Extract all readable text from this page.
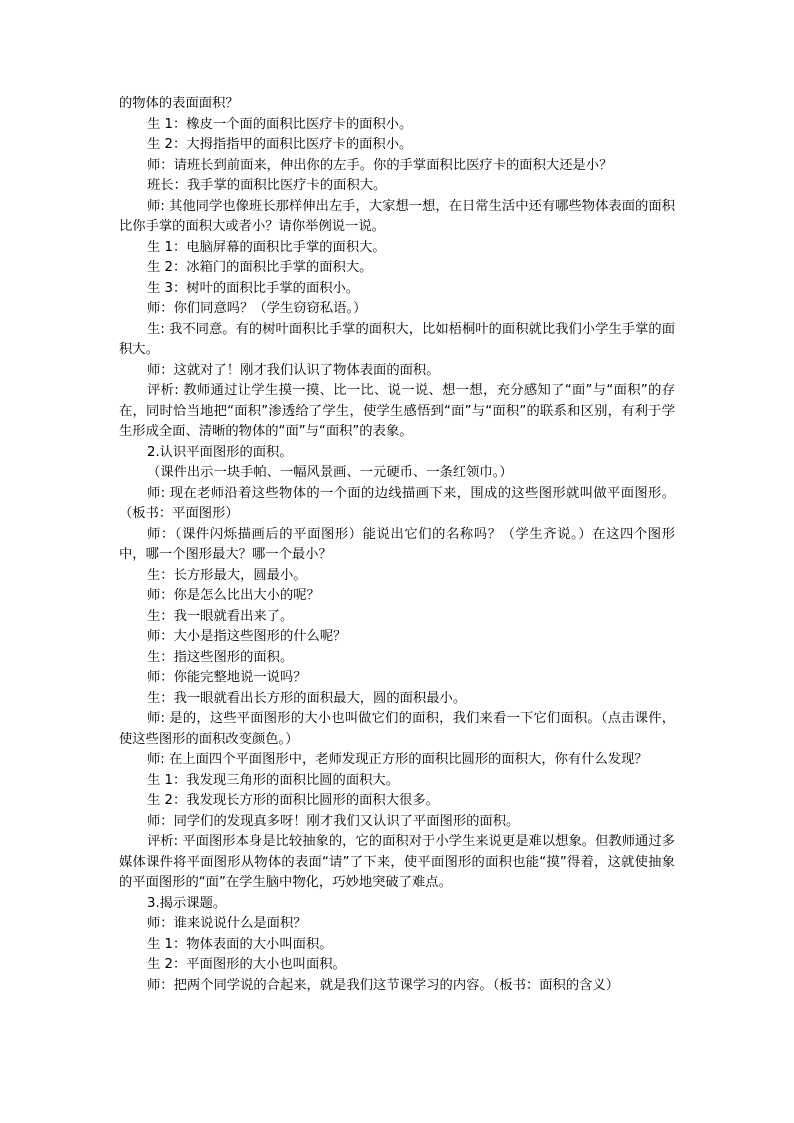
的物体的表面面积？

生 1：橡皮一个面的面积比医疗卡的面积小。

生 2：大拇指指甲的面积比医疗卡的面积小。

师：请班长到前面来，伸出你的左手。你的手掌面积比医疗卡的面积大还是小？

班长：我手掌的面积比医疗卡的面积大。

师: 其他同学也像班长那样伸出左手，大家想一想，在日常生活中还有哪些物体表面的面积比你手掌的面积大或者小？请你举例说一说。

生 1：电脑屏幕的面积比手掌的面积大。

生 2：冰箱门的面积比手掌的面积大。

生 3：树叶的面积比手掌的面积小。

师：你们同意吗？（学生窃窃私语。）

生: 我不同意。有的树叶面积比手掌的面积大，比如梧桐叶的面积就比我们小学生手掌的面积大。

师：这就对了！刚才我们认识了物体表面的面积。

评析: 教师通过让学生摸一摸、比一比、说一说、想一想，充分感知了“面”与“面积”的存在，同时恰当地把“面积”渗透给了学生，使学生感悟到“面”与“面积”的联系和区别，有利于学生形成全面、清晰的物体的“面”与“面积”的表象。

2.认识平面图形的面积。

（课件出示一块手帕、一幅风景画、一元硬币、一条红领巾。）

师: 现在老师沿着这些物体的一个面的边线描画下来，围成的这些图形就叫做平面图形。（板书：平面图形）

师：（课件闪烁描画后的平面图形）能说出它们的名称吗？（学生齐说。）在这四个图形中，哪一个图形最大？哪一个最小？

生：长方形最大，圆最小。

师：你是怎么比出大小的呢？

生：我一眼就看出来了。

师：大小是指这些图形的什么呢？

生：指这些图形的面积。

师：你能完整地说一说吗？

生：我一眼就看出长方形的面积最大，圆的面积最小。

师: 是的，这些平面图形的大小也叫做它们的面积，我们来看一下它们面积。（点击课件，使这些图形的面积改变颜色。）

师: 在上面四个平面图形中，老师发现正方形的面积比圆形的面积大，你有什么发现？

生 1：我发现三角形的面积比圆的面积大。

生 2：我发现长方形的面积比圆形的面积大很多。

师：同学们的发现真多呀！刚才我们又认识了平面图形的面积。

评析: 平面图形本身是比较抽象的，它的面积对于小学生来说更是难以想象。但教师通过多媒体课件将平面图形从物体的表面“请”了下来，使平面图形的面积也能“摸”得着，这就使抽象的平面图形的“面”在学生脑中物化，巧妙地突破了难点。

3.揭示课题。

师：谁来说说什么是面积？

生 1：物体表面的大小叫面积。

生 2：平面图形的大小也叫面积。

师：把两个同学说的合起来，就是我们这节课学习的内容。（板书：面积的含义）
